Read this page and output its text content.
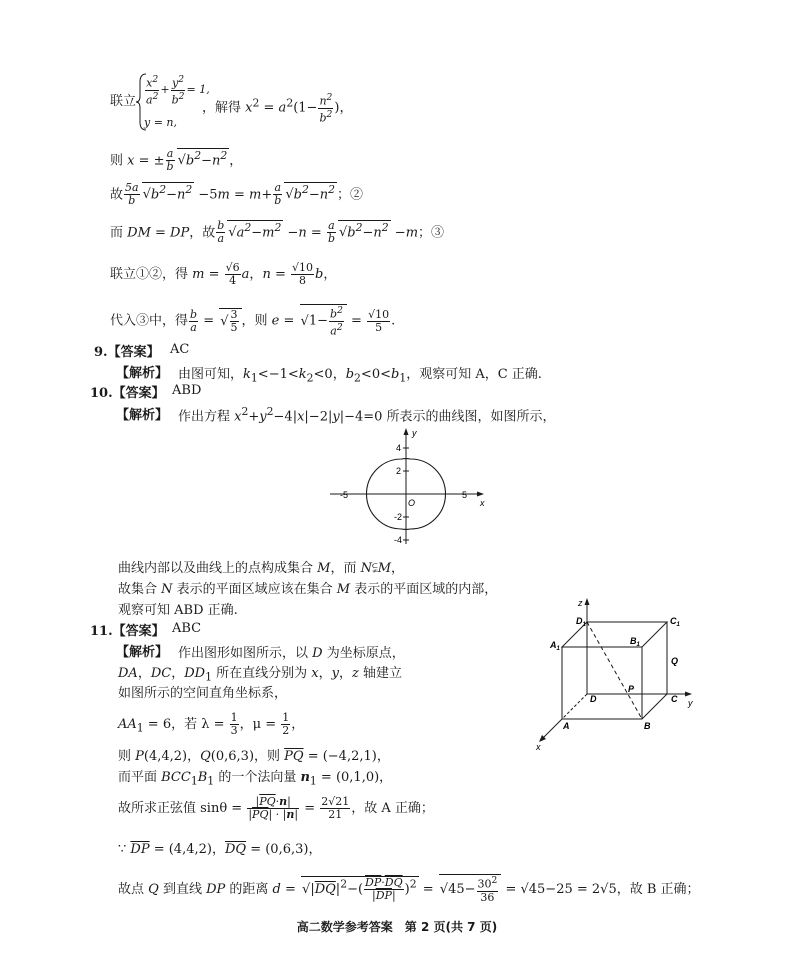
联立 $\frac{x^2}{a^2} + \frac{y^2}{b^2} = 1$,
y = n,
，解得 $x^2 = a^2(1- \frac{n^2}{b^2}$ )，
则 x = ± $\frac{a}{b}$ √ $b^2-n^2$ ，
故 $\frac{5a}{b}$ √ $b^2-n^2 -5m = m+ \frac{a}{b}$ √ $b^2-n^2$ ；②
而 DM = DP，故 $\frac{b}{a}$ √ $a^2-m^2 -n = \frac{a}{b}$ √ $b^2-n^2 -m$；③
联立①②，得 $m = \frac{√6}{4}$ a，$n = \frac{√10}{8}$ b，
代入③中，得 $\frac{b}{a}$ = √ $\frac{3}{5}$ ，则 e = √ $1- \frac{b^2}{a^2} = \frac{√10}{5}$ .
9.【答案】 AC
【解析】 由图可知，$k_1<-1<k_2<0$，$b_2<0<b_1$，观察可知 A，C 正确.
10.【答案】 ABD
【解析】 作出方程 $x^2+y^2-4|x|-2|y|-4=0$ 所表示的曲线图，如图所示，
y
x
O
4
2
-2
-4
-5	5
曲线内部以及曲线上的点构成集合 M，而 N⫋M，
故集合 N 表示的平面区域应该在集合 M 表示的平面区域的内部，
观察可知 ABD 正确.
11.【答案】 ABC
【解析】 作出图形如图所示，以 D 为坐标原点，
DA，DC，$DD_1$ 所在直线分别为 x，y，z 轴建立
如图所示的空间直角坐标系，
$AA_1 = 6$，若 $\lambda = \frac{1}{3}$ ，$\mu = \frac{1}{2}$ ，
则 P(4,4,2)，Q(0,6,3)，则 $\overline{PQ} = (-4,2,1)$，
而平面 $BCC_1B_1$ 的一个法向量 $n_1 = (0,1,0)$，
故所求正弦值 $\sin\theta = \frac{|\overline{PQ}\cdot n|}{|\overline{PQ}| \cdot |n|} = \frac{2√21}{21}$ ，故 A 正确；
∵ $\overline{DP} = (4,4,2)$，$\overline{DQ} = (0,6,3)$，
故点 Q 到直线 DP 的距离 d = √ $|\overline{DQ}|^2-( \frac{\overline{DP}\cdot\overline{DQ}}{|\overline{DP}|} )^2$ = √ $45- \frac{30^2}{36} = √45-25 = 2√5$，故 B 正确；
z
y
x
$D_1$	$C_1$
$A_1$
$B_1$
Q
D	C
P
A	B
高二数学参考答案　第 2 页(共 7 页)
